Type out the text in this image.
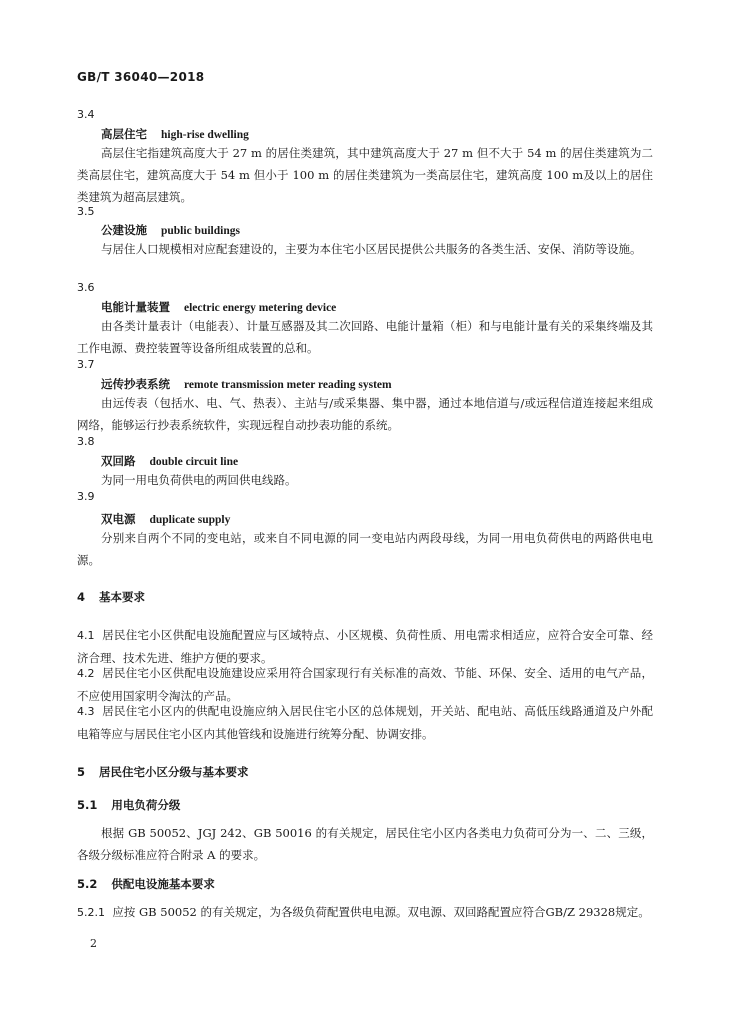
GB/T 36040—2018
3.4
高层住宅 high-rise dwelling
高层住宅指建筑高度大于 27 m 的居住类建筑，其中建筑高度大于 27 m 但不大于 54 m 的居住类建筑为二类高层住宅，建筑高度大于 54 m 但小于 100 m 的居住类建筑为一类高层住宅，建筑高度 100 m及以上的居住类建筑为超高层建筑。
3.5
公建设施 public buildings
与居住人口规模相对应配套建设的，主要为本住宅小区居民提供公共服务的各类生活、安保、消防等设施。
3.6
电能计量装置 electric energy metering device
由各类计量表计（电能表）、计量互感器及其二次回路、电能计量箱（柜）和与电能计量有关的采集终端及其工作电源、费控装置等设备所组成装置的总和。
3.7
远传抄表系统 remote transmission meter reading system
由远传表（包括水、电、气、热表）、主站与/或采集器、集中器，通过本地信道与/或远程信道连接起来组成网络，能够运行抄表系统软件，实现远程自动抄表功能的系统。
3.8
双回路 double circuit line
为同一用电负荷供电的两回供电线路。
3.9
双电源 duplicate supply
分别来自两个不同的变电站，或来自不同电源的同一变电站内两段母线，为同一用电负荷供电的两路供电电源。
4 基本要求
4.1 居民住宅小区供配电设施配置应与区域特点、小区规模、负荷性质、用电需求相适应，应符合安全可靠、经济合理、技术先进、维护方便的要求。
4.2 居民住宅小区供配电设施建设应采用符合国家现行有关标准的高效、节能、环保、安全、适用的电气产品，不应使用国家明令淘汰的产品。
4.3 居民住宅小区内的供配电设施应纳入居民住宅小区的总体规划，开关站、配电站、高低压线路通道及户外配电箱等应与居民住宅小区内其他管线和设施进行统筹分配、协调安排。
5 居民住宅小区分级与基本要求
5.1 用电负荷分级
根据 GB 50052、JGJ 242、GB 50016 的有关规定，居民住宅小区内各类电力负荷可分为一、二、三级，各级分级标准应符合附录 A 的要求。
5.2 供配电设施基本要求
5.2.1 应按 GB 50052 的有关规定，为各级负荷配置供电电源。双电源、双回路配置应符合GB/Z 29328规定。
2
